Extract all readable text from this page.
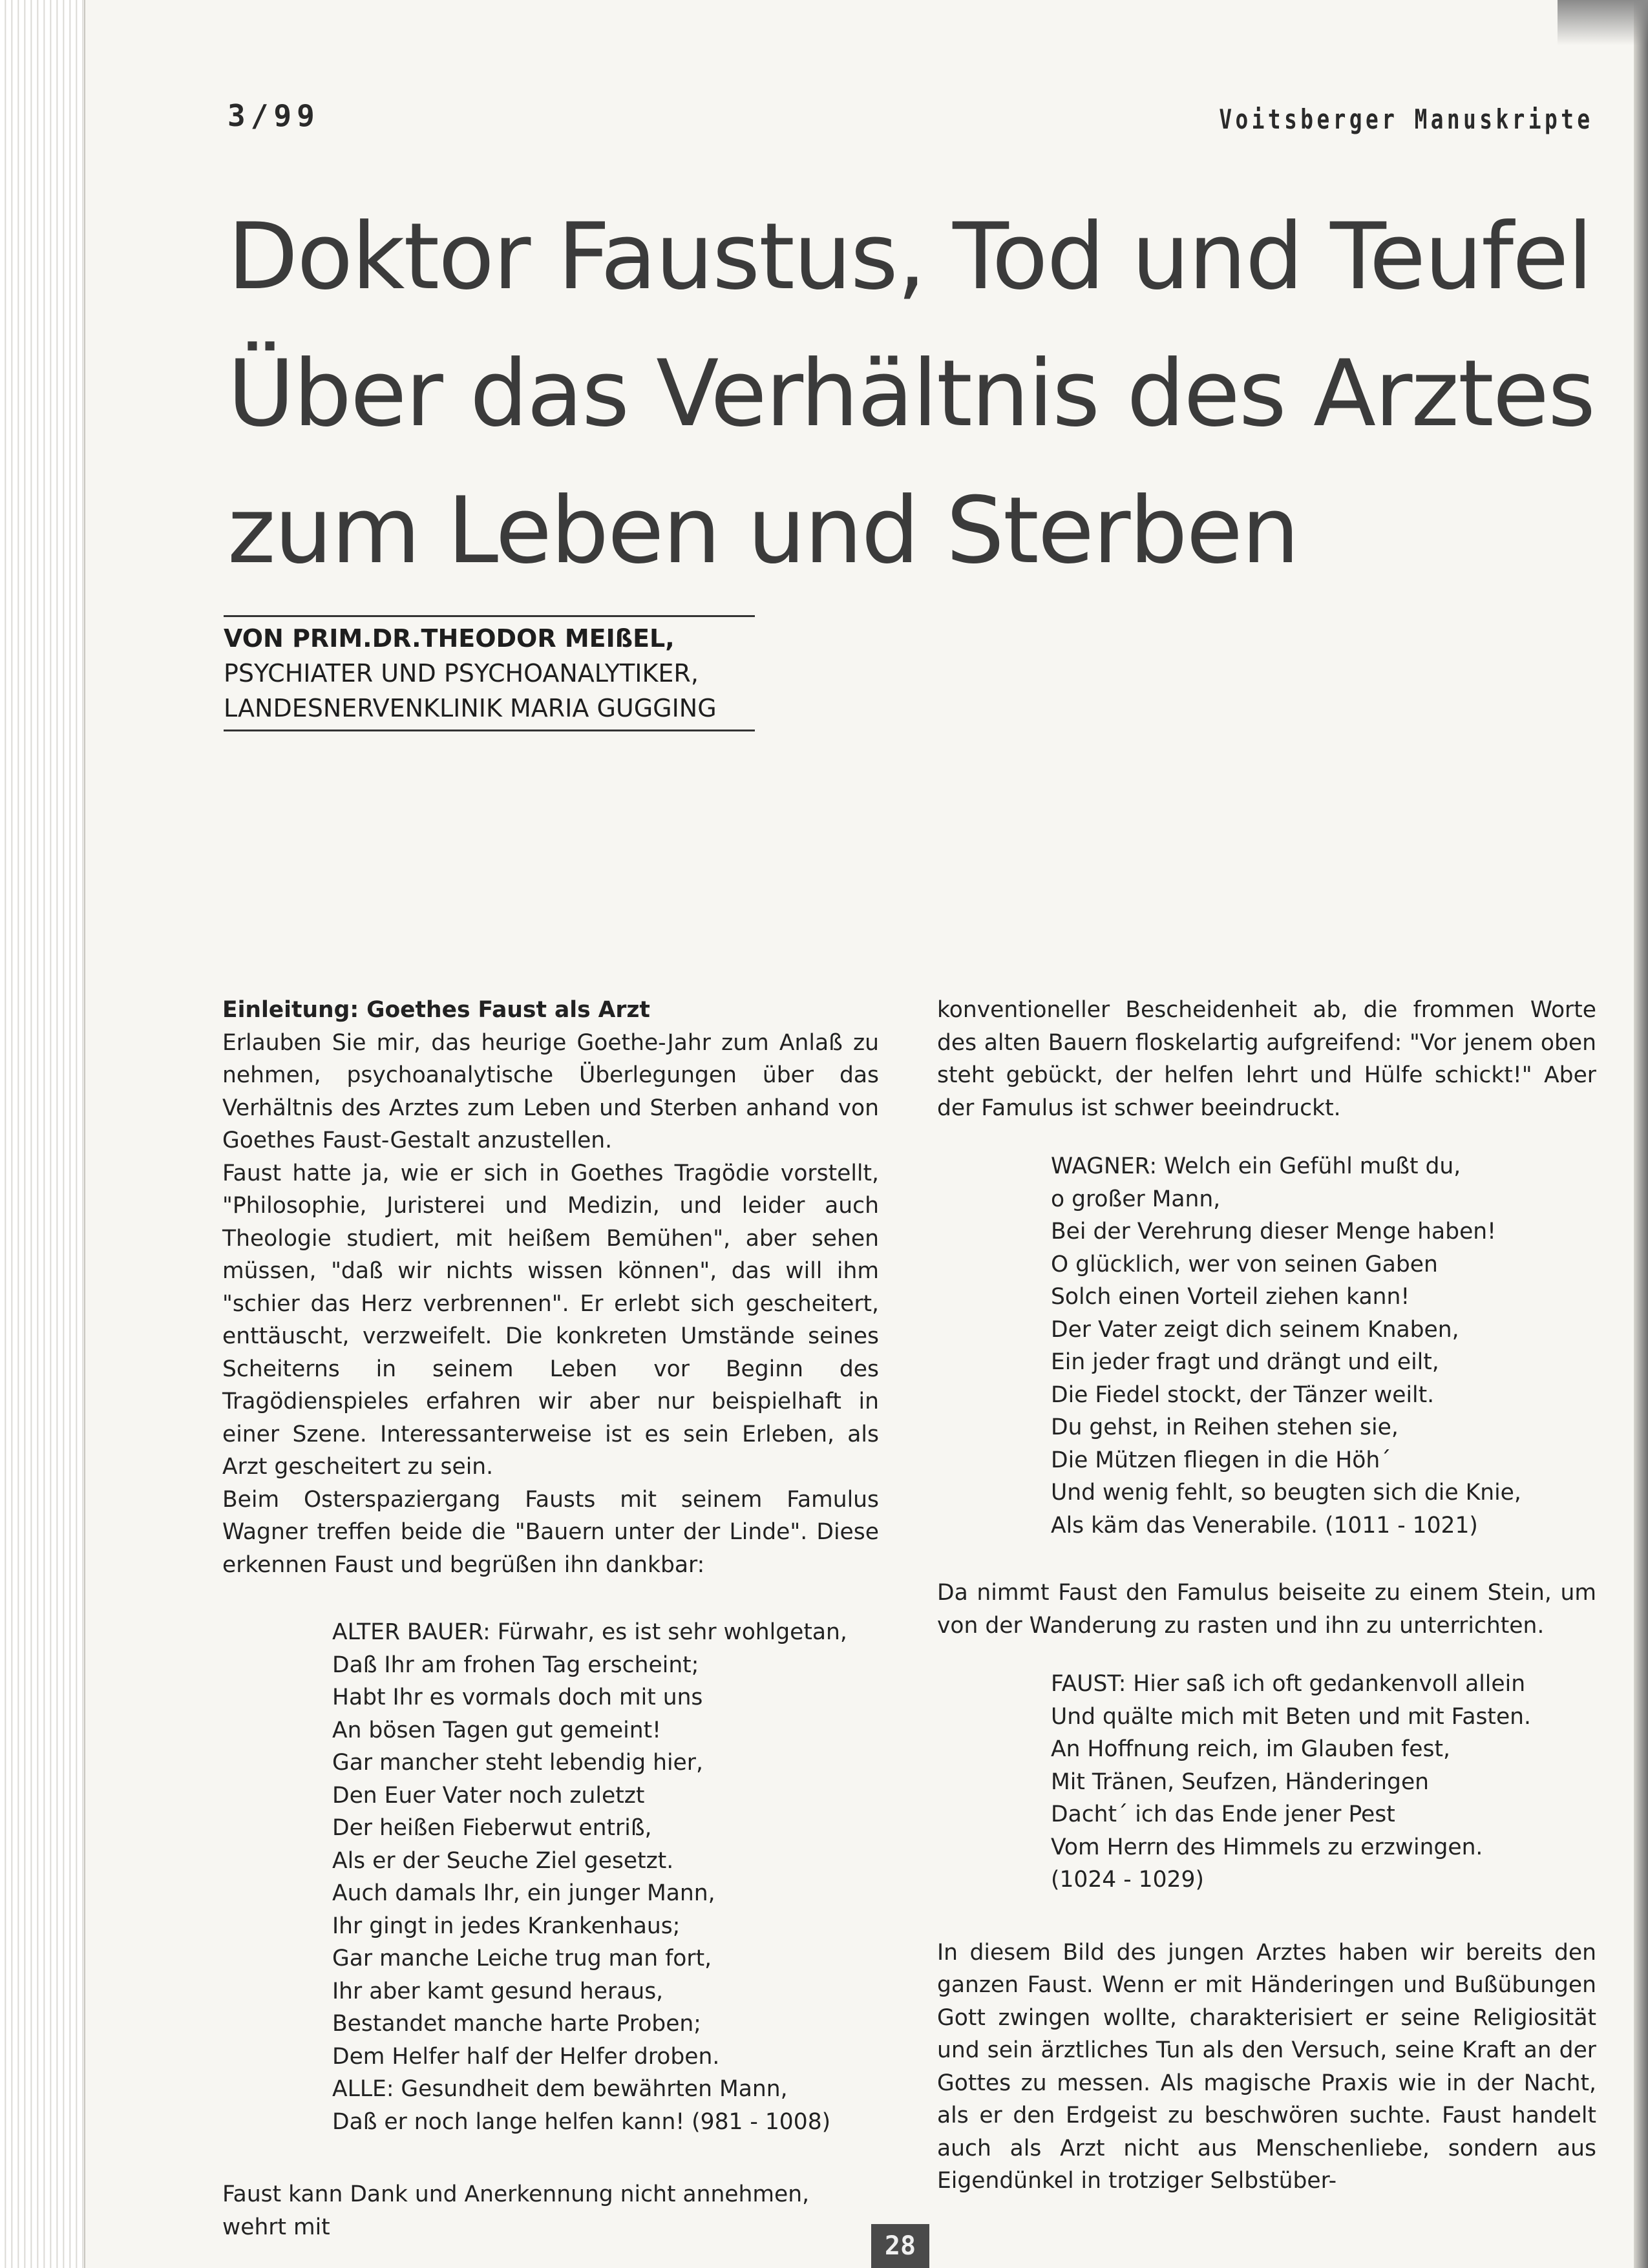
3/99	Voitsberger Manuskripte
Doktor Faustus, Tod und Teufel
Über das Verhältnis des Arztes
zum Leben und Sterben
VON PRIM.DR.THEODOR MEIßEL,
PSYCHIATER UND PSYCHOANALYTIKER,
LANDESNERVENKLINIK MARIA GUGGING

Einleitung: Goethes Faust als Arzt

Erlauben Sie mir, das heurige Goethe-Jahr zum Anlaß zu nehmen, psychoanalytische Überlegungen über das Verhältnis des Arztes zum Leben und Sterben anhand von Goethes Faust-Gestalt anzustellen.

Faust hatte ja, wie er sich in Goethes Tragödie vorstellt, "Philosophie, Juristerei und Medizin, und leider auch Theologie studiert, mit heißem Bemühen", aber sehen müssen, "daß wir nichts wissen können", das will ihm "schier das Herz verbrennen". Er erlebt sich gescheitert, enttäuscht, verzweifelt. Die konkreten Umstände seines Scheiterns in seinem Leben vor Beginn des Tragödienspieles erfahren wir aber nur beispielhaft in einer Szene. Interessanterweise ist es sein Erleben, als Arzt gescheitert zu sein.

Beim Osterspaziergang Fausts mit seinem Famulus Wagner treffen beide die "Bauern unter der Linde". Diese erkennen Faust und begrüßen ihn dankbar:

ALTER BAUER: Fürwahr, es ist sehr wohlgetan,
Daß Ihr am frohen Tag erscheint;
Habt Ihr es vormals doch mit uns
An bösen Tagen gut gemeint!
Gar mancher steht lebendig hier,
Den Euer Vater noch zuletzt
Der heißen Fieberwut entriß,
Als er der Seuche Ziel gesetzt.
Auch damals Ihr, ein junger Mann,
Ihr gingt in jedes Krankenhaus;
Gar manche Leiche trug man fort,
Ihr aber kamt gesund heraus,
Bestandet manche harte Proben;
Dem Helfer half der Helfer droben.
ALLE: Gesundheit dem bewährten Mann,
Daß er noch lange helfen kann! (981 - 1008)

Faust kann Dank und Anerkennung nicht annehmen, wehrt mit

konventioneller Bescheidenheit ab, die frommen Worte des alten Bauern floskelartig aufgreifend: "Vor jenem oben steht gebückt, der helfen lehrt und Hülfe schickt!" Aber der Famulus ist schwer beeindruckt.

WAGNER: Welch ein Gefühl mußt du,
o großer Mann,
Bei der Verehrung dieser Menge haben!
O glücklich, wer von seinen Gaben
Solch einen Vorteil ziehen kann!
Der Vater zeigt dich seinem Knaben,
Ein jeder fragt und drängt und eilt,
Die Fiedel stockt, der Tänzer weilt.
Du gehst, in Reihen stehen sie,
Die Mützen fliegen in die Höh´
Und wenig fehlt, so beugten sich die Knie,
Als käm das Venerabile. (1011 - 1021)

Da nimmt Faust den Famulus beiseite zu einem Stein, um von der Wanderung zu rasten und ihn zu unterrichten.

FAUST: Hier saß ich oft gedankenvoll allein
Und quälte mich mit Beten und mit Fasten.
An Hoffnung reich, im Glauben fest,
Mit Tränen, Seufzen, Händeringen
Dacht´ ich das Ende jener Pest
Vom Herrn des Himmels zu erzwingen.
(1024 - 1029)

In diesem Bild des jungen Arztes haben wir bereits den ganzen Faust. Wenn er mit Händeringen und Bußübungen Gott zwingen wollte, charakterisiert er seine Religiosität und sein ärztliches Tun als den Versuch, seine Kraft an der Gottes zu messen. Als magische Praxis wie in der Nacht, als er den Erdgeist zu beschwören suchte. Faust handelt auch als Arzt nicht aus Menschenliebe, sondern aus Eigendünkel in trotziger Selbstüber-

28
